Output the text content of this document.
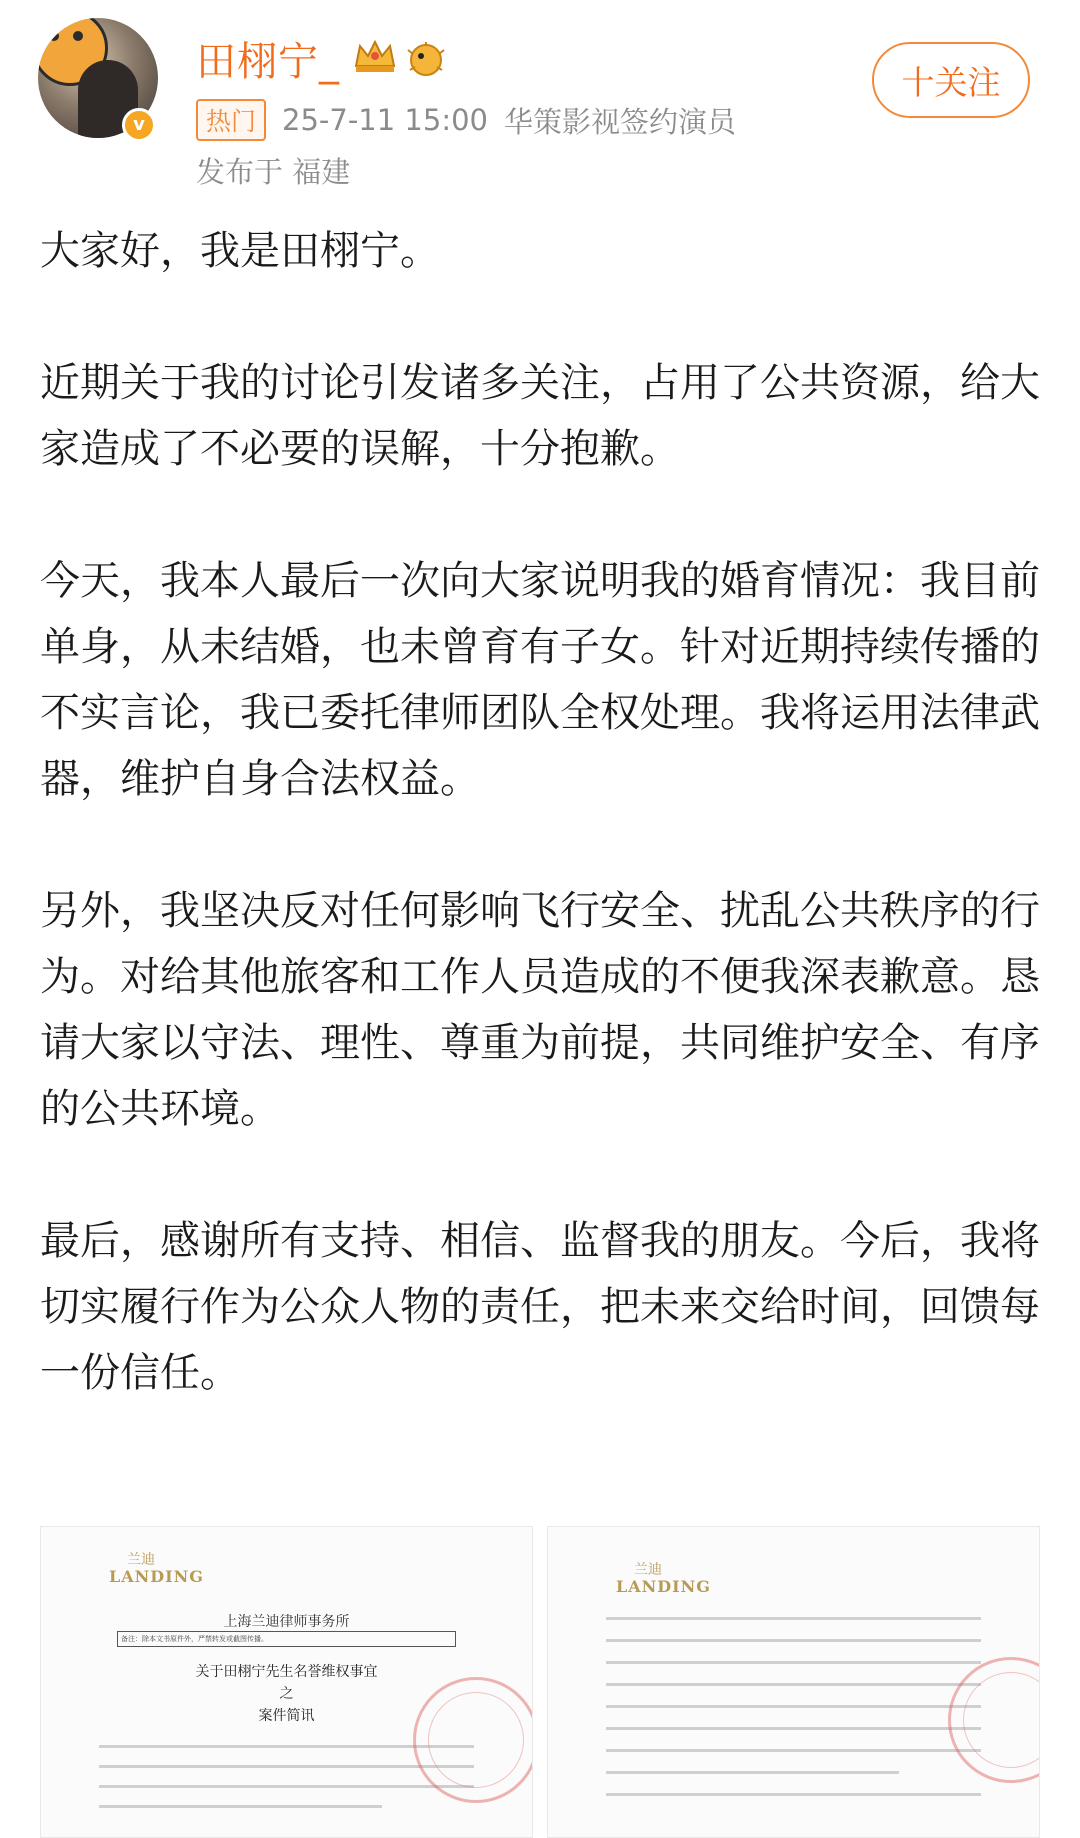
v
田栩宁_
热门 25-7-11 15:00 华策影视签约演员
发布于 福建
十关注

大家好，我是田栩宁。

近期关于我的讨论引发诸多关注，占用了公共资源，给大家造成了不必要的误解，十分抱歉。

今天，我本人最后一次向大家说明我的婚育情况：我目前单身，从未结婚，也未曾育有子女。针对近期持续传播的不实言论，我已委托律师团队全权处理。我将运用法律武器，维护自身合法权益。

另外，我坚决反对任何影响飞行安全、扰乱公共秩序的行为。对给其他旅客和工作人员造成的不便我深表歉意。恳请大家以守法、理性、尊重为前提，共同维护安全、有序的公共环境。

最后，感谢所有支持、相信、监督我的朋友。今后，我将切实履行作为公众人物的责任，把未来交给时间，回馈每一份信任。

兰迪
LANDING
上海兰迪律师事务所
备注：除本文书原件外，严禁转发或截图传播。
关于田栩宁先生名誉维权事宜
之
案件简讯
兰迪
LANDING
